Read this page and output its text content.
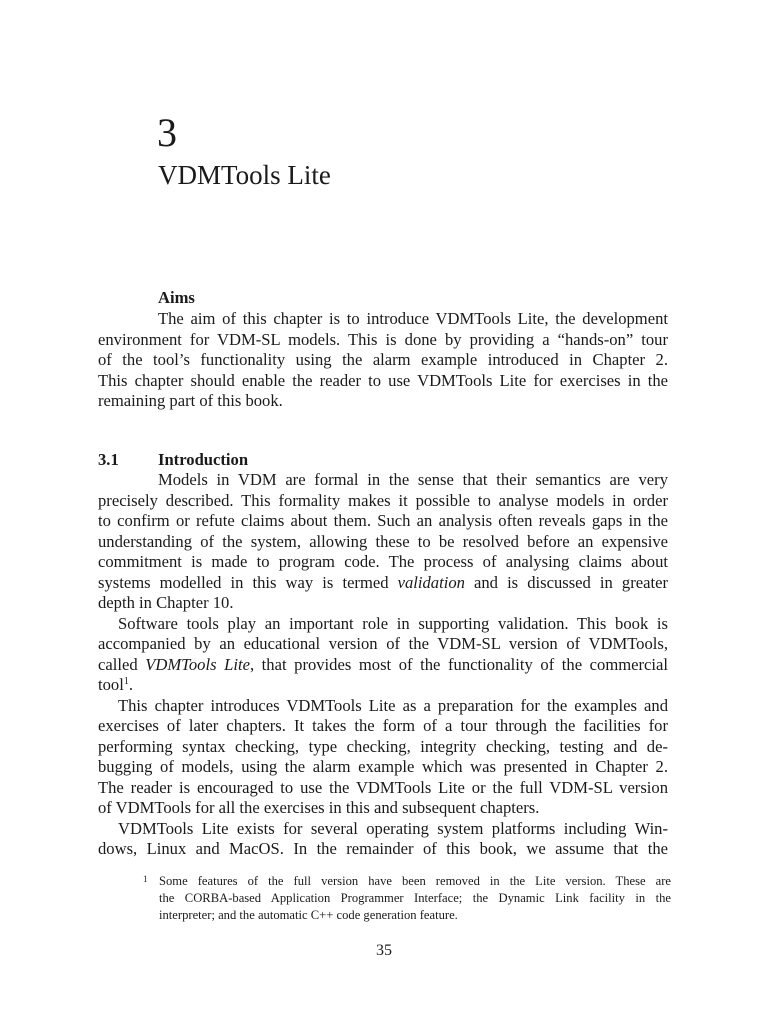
3
VDMTools Lite
Aims
The aim of this chapter is to introduce VDMTools Lite, the development
environment for VDM-SL models. This is done by providing a “hands-on” tour
of the tool’s functionality using the alarm example introduced in Chapter 2.
This chapter should enable the reader to use VDMTools Lite for exercises in the
remaining part of this book.
3.1 Introduction
Models in VDM are formal in the sense that their semantics are very
precisely described. This formality makes it possible to analyse models in order
to confirm or refute claims about them. Such an analysis often reveals gaps in the
understanding of the system, allowing these to be resolved before an expensive
commitment is made to program code. The process of analysing claims about
systems modelled in this way is termed validation and is discussed in greater
depth in Chapter 10.
Software tools play an important role in supporting validation. This book is
accompanied by an educational version of the VDM-SL version of VDMTools,
called VDMTools Lite, that provides most of the functionality of the commercial
tool$^1$.
This chapter introduces VDMTools Lite as a preparation for the examples and
exercises of later chapters. It takes the form of a tour through the facilities for
performing syntax checking, type checking, integrity checking, testing and de-
bugging of models, using the alarm example which was presented in Chapter 2.
The reader is encouraged to use the VDMTools Lite or the full VDM-SL version
of VDMTools for all the exercises in this and subsequent chapters.
VDMTools Lite exists for several operating system platforms including Win-
dows, Linux and MacOS. In the remainder of this book, we assume that the
1 Some features of the full version have been removed in the Lite version. These are
the CORBA-based Application Programmer Interface; the Dynamic Link facility in the
interpreter; and the automatic C++ code generation feature.
35
